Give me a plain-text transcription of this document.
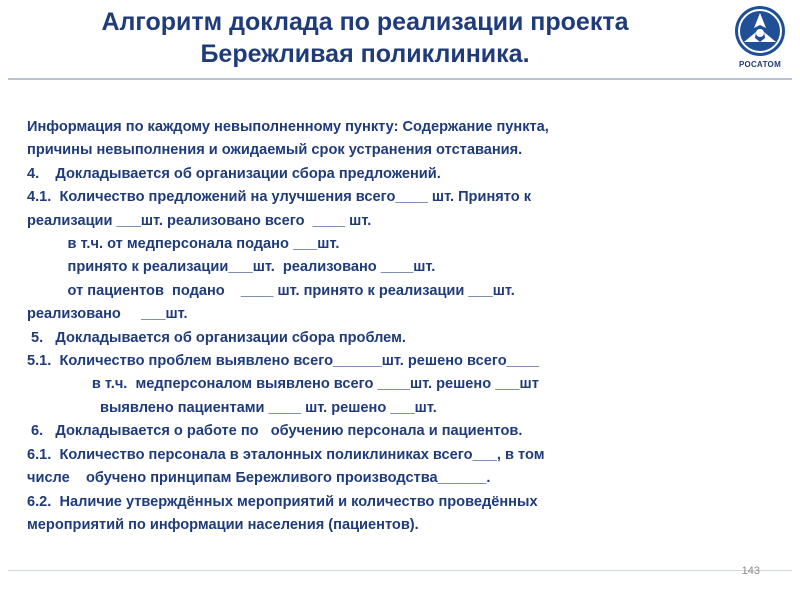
Алгоритм доклада по реализации проекта
Бережливая поликлиника.	РОСАТОМ
Информация по каждому невыполненному пункту: Содержание пункта,
причины невыполнения и ожидаемый срок устранения отставания.
4.    Докладывается об организации сбора предложений.
4.1.  Количество предложений на улучшения всего____ шт. Принято к
реализации ___шт. реализовано всего  ____ шт.
в т.ч. от медперсонала подано ___шт.
принято к реализации___шт.  реализовано ____шт.
от пациентов  подано    ____ шт. принято к реализации ___шт.
реализовано     ___шт.
5.   Докладывается об организации сбора проблем.
5.1.  Количество проблем выявлено всего______шт. решено всего____
в т.ч.  медперсоналом выявлено всего ____шт. решено ___шт
выявлено пациентами ____ шт. решено ___шт.
6.   Докладывается о работе по   обучению персонала и пациентов.
6.1.  Количество персонала в эталонных поликлиниках всего___, в том
числе    обучено принципам Бережливого производства______.
6.2.  Наличие утверждённых мероприятий и количество проведённых
мероприятий по информации населения (пациентов).
143
